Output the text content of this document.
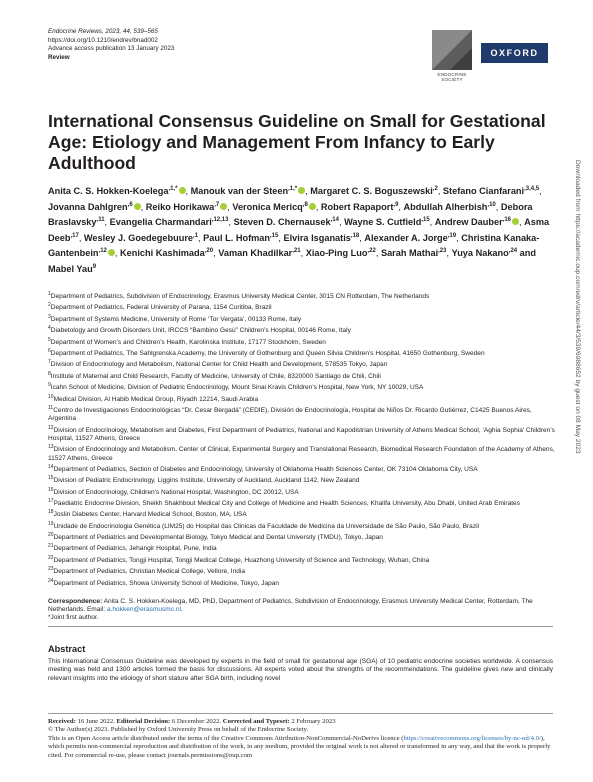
Endocrine Reviews, 2023, 44, 539–565
https://doi.org/10.1210/endrev/bnad002
Advance access publication 13 January 2023
Review
ENDOCRINE
SOCIETY
OXFORD
International Consensus Guideline on Small for Gestational Age: Etiology and Management From Infancy to Early Adulthood
Anita C. S. Hokken-Koelega$^{,1,*}$ , Manouk van der Steen$^{,1,*}$ , Margaret C. S. Boguszewski$^{,2}$, Stefano Cianfarani$^{,3,4,5}$, Jovanna Dahlgren$^{,6}$ , Reiko Horikawa$^{,7}$ , Veronica Mericq$^{,8}$ , Robert Rapaport$^{,9}$, Abdullah Alherbish$^{,10}$, Debora Braslavsky$^{,11}$, Evangelia Charmandari$^{,12,13}$, Steven D. Chernausek$^{,14}$, Wayne S. Cutfield$^{,15}$, Andrew Dauber$^{,16}$ , Asma Deeb$^{,17}$, Wesley J. Goedegebuure$^{,1}$, Paul L. Hofman$^{,15}$, Elvira Isganatis$^{,18}$, Alexander A. Jorge$^{,19}$, Christina Kanaka-Gantenbein$^{,12}$ , Kenichi Kashimada$^{,20}$, Vaman Khadilkar$^{,21}$, Xiao-Ping Luo$^{,22}$, Sarah Mathai$^{,23}$, Yuya Nakano$^{,24}$ and Mabel Yau$^9$
$^1$Department of Pediatrics, Subdivision of Endocrinology, Erasmus University Medical Center, 3015 CN Rotterdam, The Netherlands
$^2$Department of Pediatrics, Federal University of Parana, 1154 Curitiba, Brazil
$^3$Department of Systems Medicine, University of Rome ‘Tor Vergata’, 00133 Rome, Italy
$^4$Diabetology and Growth Disorders Unit, IRCCS “Bambino Gesù” Children’s Hospital, 00146 Rome, Italy
$^5$Department of Women’s and Children’s Health, Karolinska Institute, 17177 Stockholm, Sweden
$^6$Department of Pediatrics, The Sahlgrenska Academy, the University of Gothenburg and Queen Silvia Children’s Hospital, 41650 Gothenburg, Sweden
$^7$Division of Endocrinology and Metabolism, National Center for Child Health and Development, 578535 Tokyo, Japan
$^8$Institute of Maternal and Child Research, Faculty of Medicine, University of Chile, 8320000 Santiago de Chili, Chili
$^9$Icahn School of Medicine, Division of Pediatric Endocrinology, Mount Sinai Kravis Children’s Hospital, New York, NY 10029, USA
$^{10}$Medical Division, Al Habib Medical Group, Riyadh 12214, Saudi Arabia
$^{11}$Centro de Investigaciones Endocrinológicas “Dr. Cesar Bergadá” (CEDIE), División de Endocrinología, Hospital de Niños Dr. Ricardo Gutiérrez, C1425 Buenos Aires, Argentina
$^{12}$Division of Endocrinology, Metabolism and Diabetes, First Department of Pediatrics, National and Kapodistrian University of Athens Medical School, ‘Aghia Sophia’ Children’s Hospital, 11527 Athens, Greece
$^{13}$Division of Endocrinology and Metabolism, Center of Clinical, Experimental Surgery and Translational Research, Biomedical Research Foundation of the Academy of Athens, 11527 Athens, Greece
$^{14}$Department of Pediatrics, Section of Diabetes and Endocrinology, University of Oklahoma Health Sciences Center, OK 73104 Oklahoma City, USA
$^{15}$Division of Pediatric Endocrinology, Liggins Institute, University of Auckland, Auckland 1142, New Zealand
$^{16}$Division of Endocrinology, Children’s National Hospital, Washington, DC 20012, USA
$^{17}$Paediatric Endocrine Division, Sheikh Shakhbout Medical City and College of Medicine and Health Sciences, Khalifa University, Abu Dhabi, United Arab Emirates
$^{18}$Joslin Diabetes Center, Harvard Medical School, Boston, MA, USA
$^{19}$Unidade de Endocrinologia Genética (LIM25) do Hospital das Clinicas da Faculdade de Medicina da Universidade de São Paulo, São Paulo, Brazil
$^{20}$Department of Pediatrics and Developmental Biology, Tokyo Medical and Dental University (TMDU), Tokyo, Japan
$^{21}$Department of Pediatrics, Jehangir Hospital, Pune, India
$^{22}$Department of Pediatrics, Tongji Hospital, Tongji Medical College, Huazhong University of Science and Technology, Wuhan, China
$^{23}$Department of Pediatrics, Christian Medical College, Vellore, India
$^{24}$Department of Pediatrics, Showa University School of Medicine, Tokyo, Japan
Correspondence: Anita C. S. Hokken-Koelega, MD, PhD, Department of Pediatrics, Subdivision of Endocrinology, Erasmus University Medical Center, Rotterdam, The Netherlands. Email: a.hokken@erasmusmc.nl.
*Joint first author.
Abstract
This International Consensus Guideline was developed by experts in the field of small for gestational age (SGA) of 10 pediatric endocrine societies worldwide. A consensus meeting was held and 1300 articles formed the basis for discussions. All experts voted about the strengths of the recommendations. The guideline gives new and clinically relevant insights into the etiology of short stature after SGA birth, including novel
Received: 16 June 2022. Editorial Decision: 6 December 2022. Corrected and Typeset: 2 February 2023
© The Author(s) 2023. Published by Oxford University Press on behalf of the Endocrine Society.
This is an Open Access article distributed under the terms of the Creative Commons Attribution-NonCommercial-NoDerivs licence (https://creativecommons.org/licenses/by-nc-nd/4.0/), which permits non-commercial reproduction and distribution of the work, in any medium, provided the original work is not altered or transformed in any way, and that the work is properly cited. For commercial re-use, please contact journals.permissions@oup.com
Downloaded from https://academic.oup.com/edrv/article/44/3/539/6988652 by guest on 08 May 2023
